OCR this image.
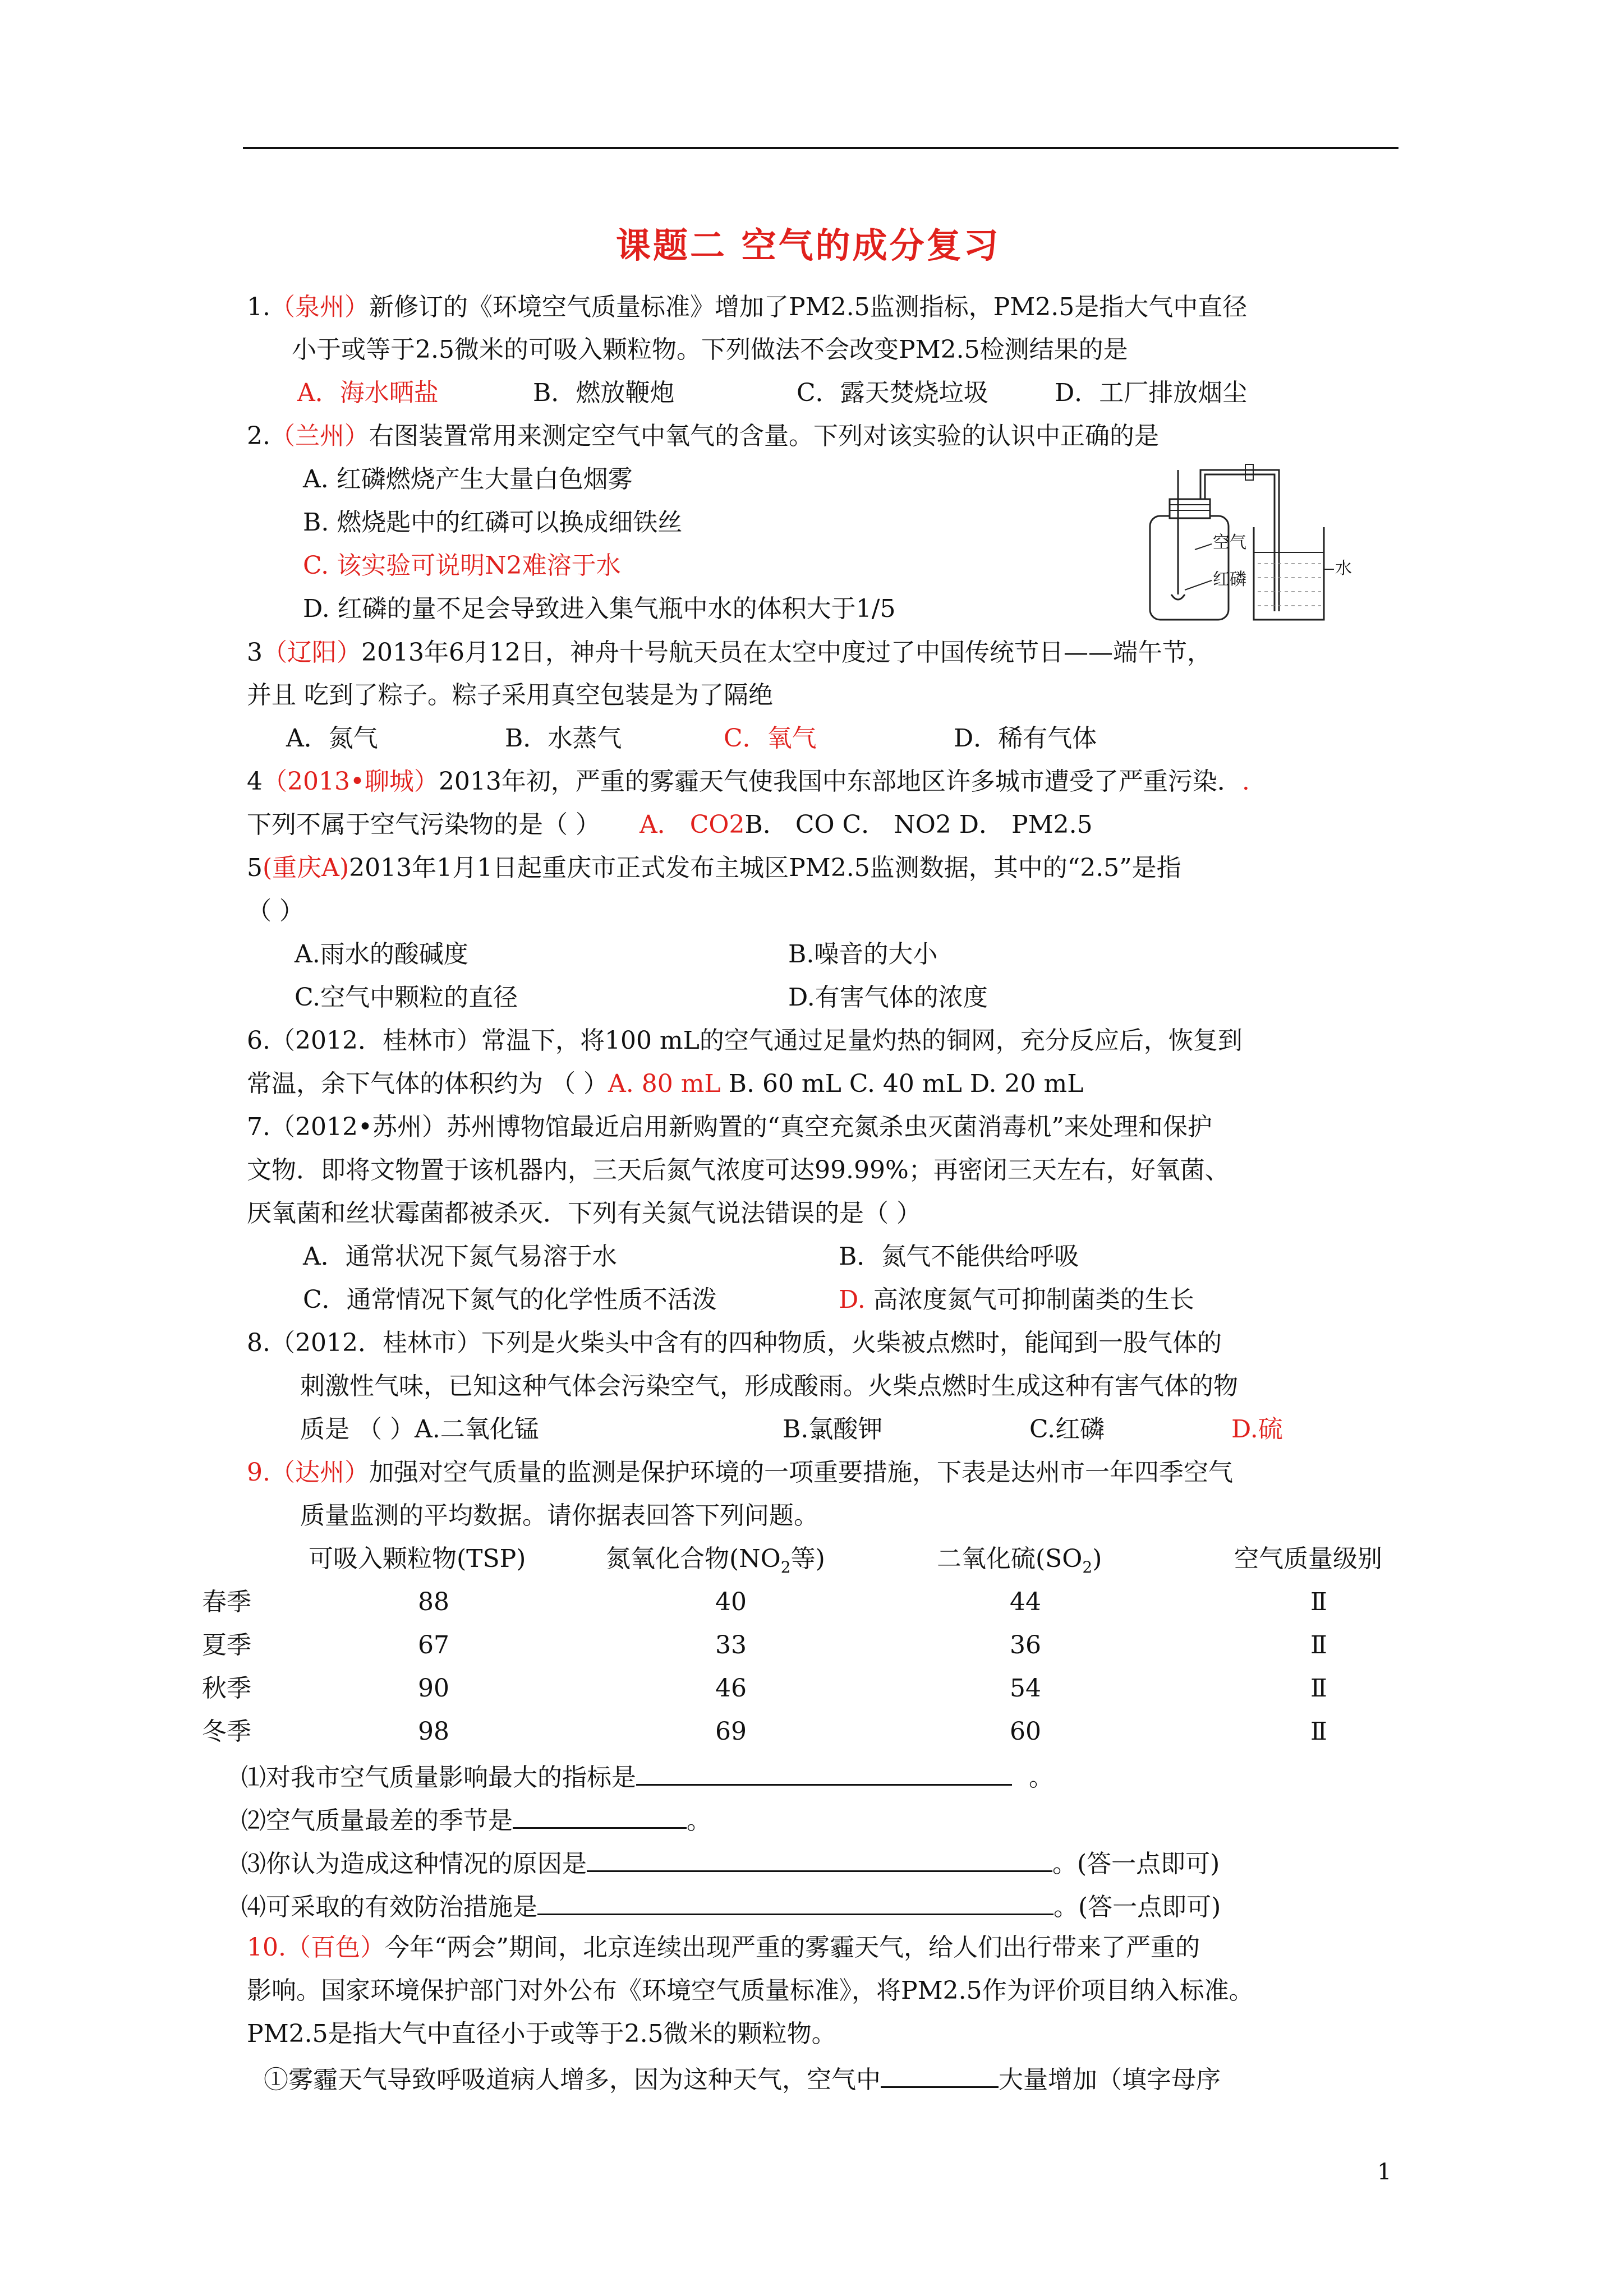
课题二 空气的成分复习
1.（泉州）新修订的《环境空气质量标准》增加了PM2.5监测指标，PM2.5是指大气中直径
小于或等于2.5微米的可吸入颗粒物。下列做法不会改变PM2.5检测结果的是
A．海水晒盐	B．燃放鞭炮	C．露天焚烧垃圾	D．工厂排放烟尘
2.（兰州）右图装置常用来测定空气中氧气的含量。下列对该实验的认识中正确的是
A. 红磷燃烧产生大量白色烟雾
B. 燃烧匙中的红磷可以换成细铁丝
C. 该实验可说明N2难溶于水
D. 红磷的量不足会导致进入集气瓶中水的体积大于1/5
空气
红磷
水
3（辽阳）2013年6月12日，神舟十号航天员在太空中度过了中国传统节日——端午节，
并且 吃到了粽子。粽子采用真空包装是为了隔绝
A．氮气	B．水蒸气	C．氧气	D．稀有气体
4（2013•聊城）2013年初，严重的雾霾天气使我国中东部地区许多城市遭受了严重污染．.
下列不属于空气污染物的是（ ） A． CO2B． CO C． NO2 D． PM2.5
5(重庆A)2013年1月1日起重庆市正式发布主城区PM2.5监测数据，其中的“2.5”是指
（ ）
A.雨水的酸碱度	B.噪音的大小
C.空气中颗粒的直径	D.有害气体的浓度
6.（2012．桂林市）常温下，将100 mL的空气通过足量灼热的铜网，充分反应后，恢复到
常温，余下气体的体积约为 （ ）A. 80 mL B. 60 mL C. 40 mL D. 20 mL
7.（2012•苏州）苏州博物馆最近启用新购置的“真空充氮杀虫灭菌消毒机”来处理和保护
文物．即将文物置于该机器内，三天后氮气浓度可达99.99%；再密闭三天左右，好氧菌、
厌氧菌和丝状霉菌都被杀灭．下列有关氮气说法错误的是（ ）
A．通常状况下氮气易溶于水	B．氮气不能供给呼吸
C．通常情况下氮气的化学性质不活泼	D. 高浓度氮气可抑制菌类的生长
8.（2012．桂林市）下列是火柴头中含有的四种物质，火柴被点燃时，能闻到一股气体的
刺激性气味，已知这种气体会污染空气，形成酸雨。火柴点燃时生成这种有害气体的物
质是 （ ）A.二氧化锰	B.氯酸钾	C.红磷	D.硫
9.（达州）加强对空气质量的监测是保护环境的一项重要措施，下表是达州市一年四季空气
质量监测的平均数据。请你据表回答下列问题。
可吸入颗粒物(TSP)	氮氧化合物($NO_2$等)	二氧化硫$(SO_2)$	空气质量级别
春季	88	40	44	Ⅱ
夏季	67	33	36	Ⅱ
秋季	90	46	54	Ⅱ
冬季	98	69	60	Ⅱ
⑴对我市空气质量影响最大的指标是	。
⑵空气质量最差的季节是	。
⑶你认为造成这种情况的原因是	。(答一点即可)
⑷可采取的有效防治措施是	。(答一点即可)
10.（百色）今年“两会”期间，北京连续出现严重的雾霾天气，给人们出行带来了严重的
影响。国家环境保护部门对外公布《环境空气质量标准》，将PM2.5作为评价项目纳入标准。
PM2.5是指大气中直径小于或等于2.5微米的颗粒物。
①雾霾天气导致呼吸道病人增多，因为这种天气，空气中	大量增加（填字母序
1
